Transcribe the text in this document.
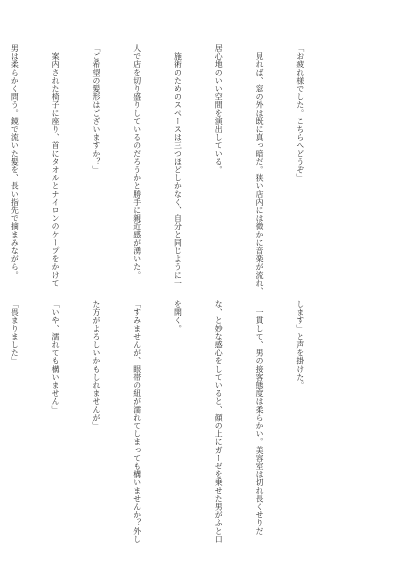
「お疲れ様でした。こちらへどうぞ」

　見れば、窓の外は既に真っ暗だ。狭い店内には微かに音楽が流れ、

居心地のいい空間を演出している。

　施術のためのスペースは三つほどしかなく、自分と同じように一

人で店を切り盛りしているのだろうかと勝手に親近感が湧いた。

「ご希望の髪形はございますか？」

　案内された椅子に座り、首にタオルとナイロンのケープをかけて

男は柔らかく問う。鏡で流いた髪を、長い指先で摘まみながら。

します」と声を掛けた。

　一貫して、男の接客態度は柔らかい。美容室は切れ長くせりだ

な、と妙な感心をしていると、顔の上にガーゼを乗せた男がふと口

を開く。

「すみませんが、眼帯の紐が濡れてしまっても構いませんか？外し

た方がよろしいかもしれませんが」

「いや、濡れても構いません」

「畏まりました」
